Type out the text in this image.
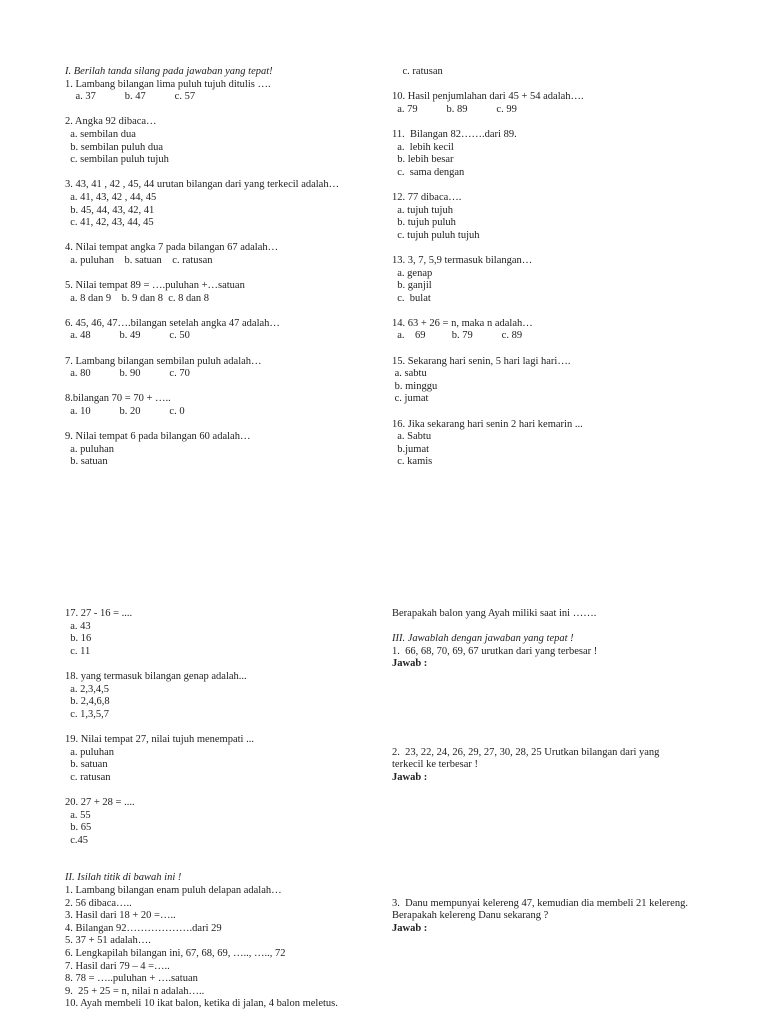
I. Berilah tanda silang pada jawaban yang tepat!
1. Lambang bilangan lima puluh tujuh ditulis ….
a. 37           b. 47           c. 57
2. Angka 92 dibaca…
a. sembilan dua
b. sembilan puluh dua
c. sembilan puluh tujuh
3. 43, 41 , 42 , 45, 44 urutan bilangan dari yang terkecil adalah…
a. 41, 43, 42 , 44, 45
b. 45, 44, 43, 42, 41
c. 41, 42, 43, 44, 45
4. Nilai tempat angka 7 pada bilangan 67 adalah…
a. puluhan    b. satuan    c. ratusan
5. Nilai tempat 89 = ….puluhan +…satuan
a. 8 dan 9    b. 9 dan 8  c. 8 dan 8
6. 45, 46, 47….bilangan setelah angka 47 adalah…
a. 48           b. 49           c. 50
7. Lambang bilangan sembilan puluh adalah…
a. 80           b. 90           c. 70
8.bilangan 70 = 70 + …..
a. 10           b. 20           c. 0
9. Nilai tempat 6 pada bilangan 60 adalah…
a. puluhan
b. satuan
c. ratusan
10. Hasil penjumlahan dari 45 + 54 adalah….
a. 79           b. 89           c. 99
11.  Bilangan 82…….dari 89.
a.  lebih kecil
b. lebih besar
c.  sama dengan
12. 77 dibaca….
a. tujuh tujuh
b. tujuh puluh
c. tujuh puluh tujuh
13. 3, 7, 5,9 termasuk bilangan…
a. genap
b. ganjil
c.  bulat
14. 63 + 26 = n, maka n adalah…
a.    69          b. 79           c. 89
15. Sekarang hari senin, 5 hari lagi hari….
a. sabtu
b. minggu
c. jumat
16. Jika sekarang hari senin 2 hari kemarin ...
a. Sabtu
b.jumat
c. kamis
17. 27 - 16 = ....
a. 43
b. 16
c. 11
18. yang termasuk bilangan genap adalah...
a. 2,3,4,5
b. 2,4,6,8
c. 1,3,5,7
19. Nilai tempat 27, nilai tujuh menempati ...
a. puluhan
b. satuan
c. ratusan
20. 27 + 28 = ....
a. 55
b. 65
c.45
II. Isilah titik di bawah ini !
1. Lambang bilangan enam puluh delapan adalah…
2. 56 dibaca…..
3. Hasil dari 18 + 20 =…..
4. Bilangan 92……………….dari 29
5. 37 + 51 adalah….
6. Lengkapilah bilangan ini, 67, 68, 69, ….., ….., 72
7. Hasil dari 79 – 4 =…..
8. 78 = …..puluhan + ….satuan
9.  25 + 25 = n, nilai n adalah…..
10. Ayah membeli 10 ikat balon, ketika di jalan, 4 balon meletus.
Berapakah balon yang Ayah miliki saat ini …….
III. Jawablah dengan jawaban yang tepat !
1.  66, 68, 70, 69, 67 urutkan dari yang terbesar !
Jawab :
2.  23, 22, 24, 26, 29, 27, 30, 28, 25 Urutkan bilangan dari yang
terkecil ke terbesar !
Jawab :
3.  Danu mempunyai kelereng 47, kemudian dia membeli 21 kelereng.
Berapakah kelereng Danu sekarang ?
Jawab :
